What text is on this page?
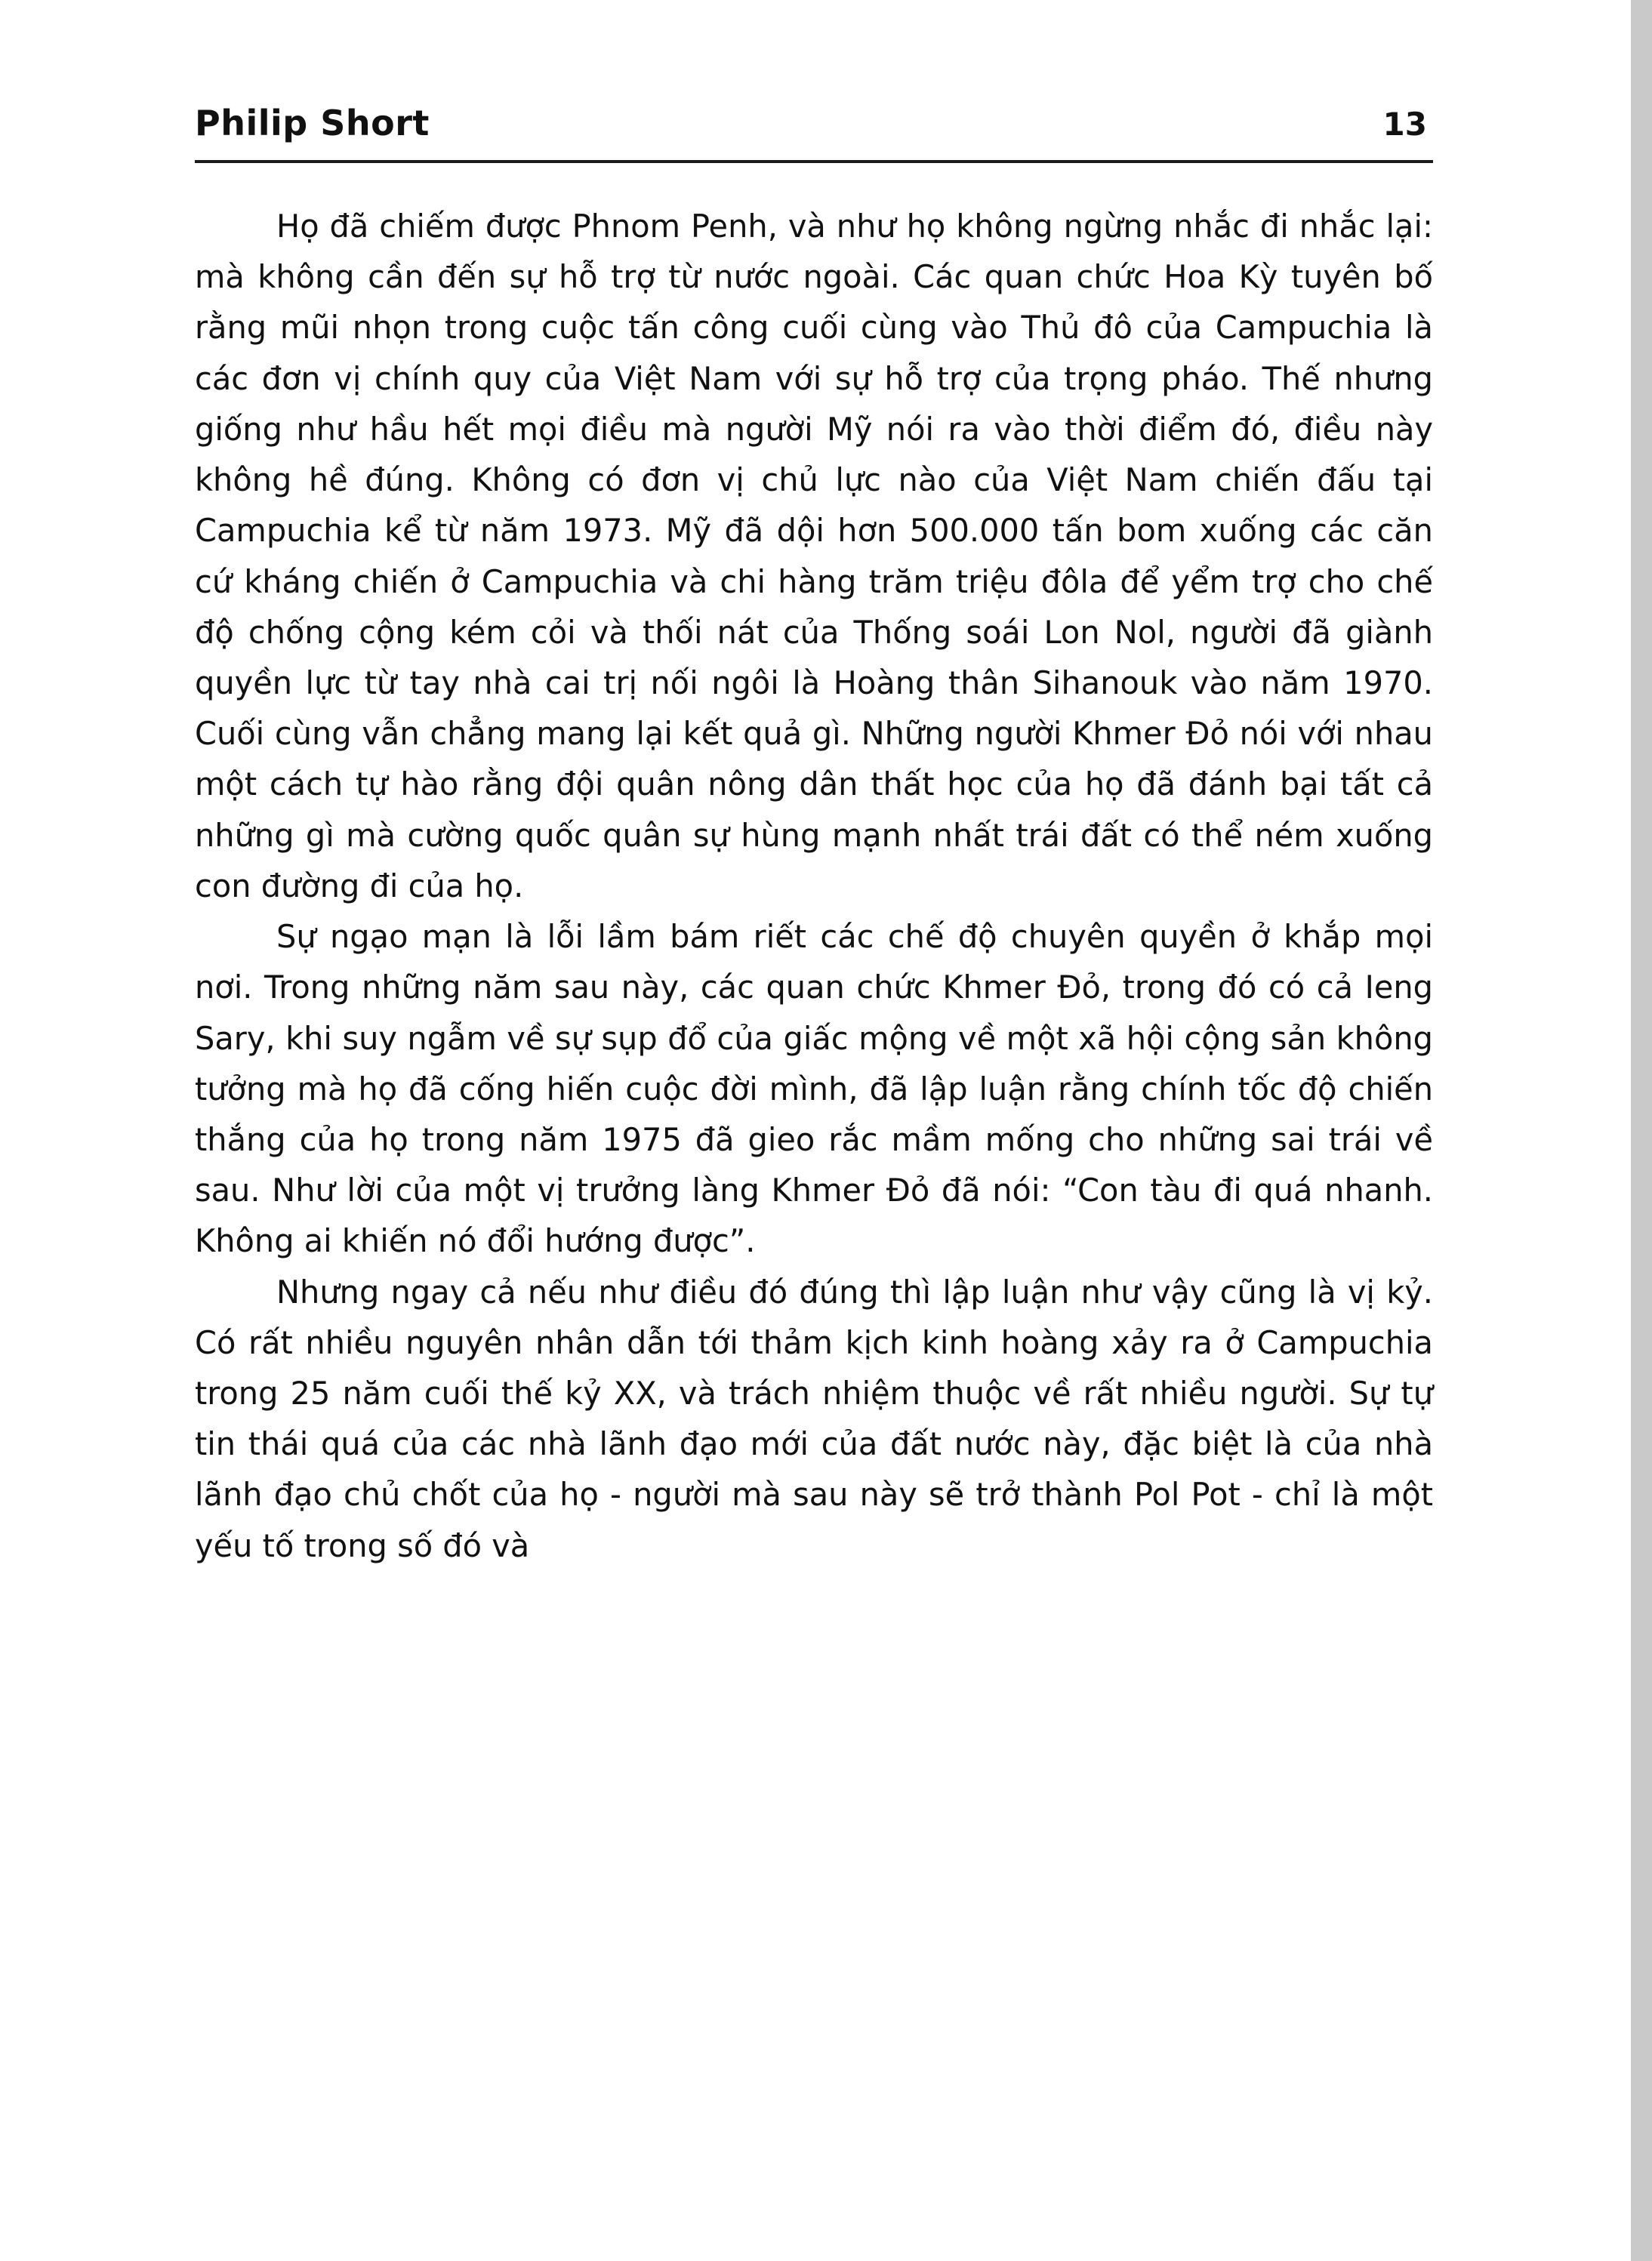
Philip Short	13

Họ đã chiếm được Phnom Penh, và như họ không ngừng nhắc đi nhắc lại: mà không cần đến sự hỗ trợ từ nước ngoài. Các quan chức Hoa Kỳ tuyên bố rằng mũi nhọn trong cuộc tấn công cuối cùng vào Thủ đô của Campuchia là các đơn vị chính quy của Việt Nam với sự hỗ trợ của trọng pháo. Thế nhưng giống như hầu hết mọi điều mà người Mỹ nói ra vào thời điểm đó, điều này không hề đúng. Không có đơn vị chủ lực nào của Việt Nam chiến đấu tại Campuchia kể từ năm 1973. Mỹ đã dội hơn 500.000 tấn bom xuống các căn cứ kháng chiến ở Campuchia và chi hàng trăm triệu đôla để yểm trợ cho chế độ chống cộng kém cỏi và thối nát của Thống soái Lon Nol, người đã giành quyền lực từ tay nhà cai trị nối ngôi là Hoàng thân Sihanouk vào năm 1970. Cuối cùng vẫn chẳng mang lại kết quả gì. Những người Khmer Đỏ nói với nhau một cách tự hào rằng đội quân nông dân thất học của họ đã đánh bại tất cả những gì mà cường quốc quân sự hùng mạnh nhất trái đất có thể ném xuống con đường đi của họ.

Sự ngạo mạn là lỗi lầm bám riết các chế độ chuyên quyền ở khắp mọi nơi. Trong những năm sau này, các quan chức Khmer Đỏ, trong đó có cả Ieng Sary, khi suy ngẫm về sự sụp đổ của giấc mộng về một xã hội cộng sản không tưởng mà họ đã cống hiến cuộc đời mình, đã lập luận rằng chính tốc độ chiến thắng của họ trong năm 1975 đã gieo rắc mầm mống cho những sai trái về sau. Như lời của một vị trưởng làng Khmer Đỏ đã nói: “Con tàu đi quá nhanh. Không ai khiến nó đổi hướng được”.

Nhưng ngay cả nếu như điều đó đúng thì lập luận như vậy cũng là vị kỷ. Có rất nhiều nguyên nhân dẫn tới thảm kịch kinh hoàng xảy ra ở Campuchia trong 25 năm cuối thế kỷ XX, và trách nhiệm thuộc về rất nhiều người. Sự tự tin thái quá của các nhà lãnh đạo mới của đất nước này, đặc biệt là của nhà lãnh đạo chủ chốt của họ - người mà sau này sẽ trở thành Pol Pot - chỉ là một yếu tố trong số đó và
